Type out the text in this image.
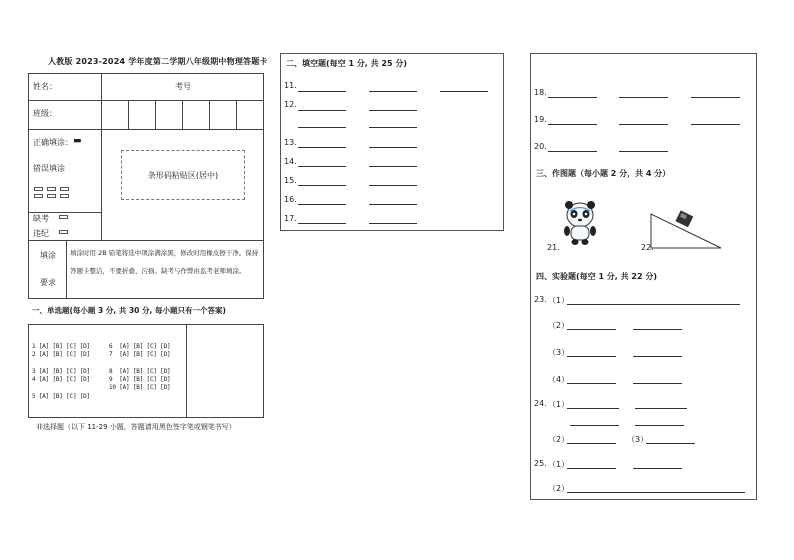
人教版 2023-2024 学年度第二学期八年级期中物理答题卡
姓名：	考号
班级：
正确填涂： ▬
错误填涂
条形码粘贴区(居中)
缺考
违纪
填涂
要求
填涂时用 2B 铅笔将选中项涂满涂黑，修改时用橡皮擦干净。保持
答题卡整洁，不要折叠、污损。缺考与作弊由监考老师填涂。
一、单选题(每小题 3 分, 共 30 分, 每小题只有一个答案)
1 [A] [B] [C] [D]
2 [A] [B] [C] [D]
3 [A] [B] [C] [D]
4 [A] [B] [C] [D]
5 [A] [B] [C] [D]
6  [A] [B] [C] [D]
7  [A] [B] [C] [D]
8  [A] [B] [C] [D]
9  [A] [B] [C] [D]
10 [A] [B] [C] [D]
非选择题（以下 11-29 小题，答题请用黑色签字笔或钢笔书写）
二、填空题(每空 1 分, 共 25 分)
11.
12.
13.
14.
15.
16.
17.
18.
19.
20.
三、作图题（每小题 2 分，共 4 分）
21.	22.
四、实验题(每空 1 分, 共 22 分)
23. （1）
（2）
（3）
（4）
24. （1）
（2）	（3）
25. （1）
（2）
